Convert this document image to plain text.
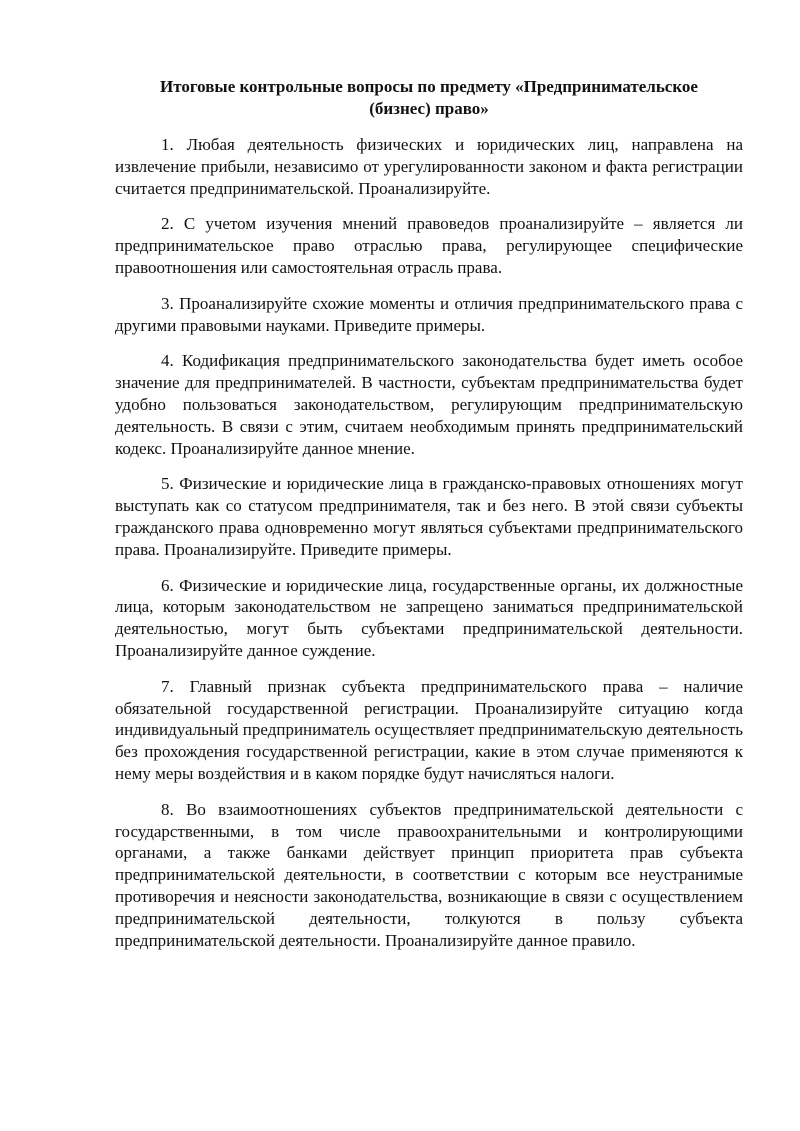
Итоговые контрольные вопросы по предмету «Предпринимательское
(бизнес) право»

1. Любая деятельность физических и юридических лиц, направлена на извлечение прибыли, независимо от урегулированности законом и факта регистрации считается предпринимательской. Проанализируйте.

2. С учетом изучения мнений правоведов проанализируйте – является ли предпринимательское право отраслью права, регулирующее специфические правоотношения или самостоятельная отрасль права.

3. Проанализируйте схожие моменты и отличия предпринимательского права с другими правовыми науками. Приведите примеры.

4. Кодификация предпринимательского законодательства будет иметь особое значение для предпринимателей. В частности, субъектам предпринимательства будет удобно пользоваться законодательством, регулирующим предпринимательскую деятельность. В связи с этим, считаем необходимым принять предпринимательский кодекс. Проанализируйте данное мнение.

5. Физические и юридические лица в гражданско-правовых отношениях могут выступать как со статусом предпринимателя, так и без него. В этой связи субъекты гражданского права одновременно могут являться субъектами предпринимательского права. Проанализируйте. Приведите примеры.

6. Физические и юридические лица, государственные органы, их должностные лица, которым законодательством не запрещено заниматься предпринимательской деятельностью, могут быть субъектами предпринимательской деятельности. Проанализируйте данное суждение.

7. Главный признак субъекта предпринимательского права – наличие обязательной государственной регистрации. Проанализируйте ситуацию когда индивидуальный предприниматель осуществляет предпринимательскую деятельность без прохождения государственной регистрации, какие в этом случае применяются к нему меры воздействия и в каком порядке будут начисляться налоги.

8. Во взаимоотношениях субъектов предпринимательской деятельности с государственными, в том числе правоохранительными и контролирующими органами, а также банками действует принцип приоритета прав субъекта предпринимательской деятельности, в соответствии с которым все неустранимые противоречия и неясности законодательства, возникающие в связи с осуществлением предпринимательской деятельности, толкуются в пользу субъекта предпринимательской деятельности. Проанализируйте данное правило.
